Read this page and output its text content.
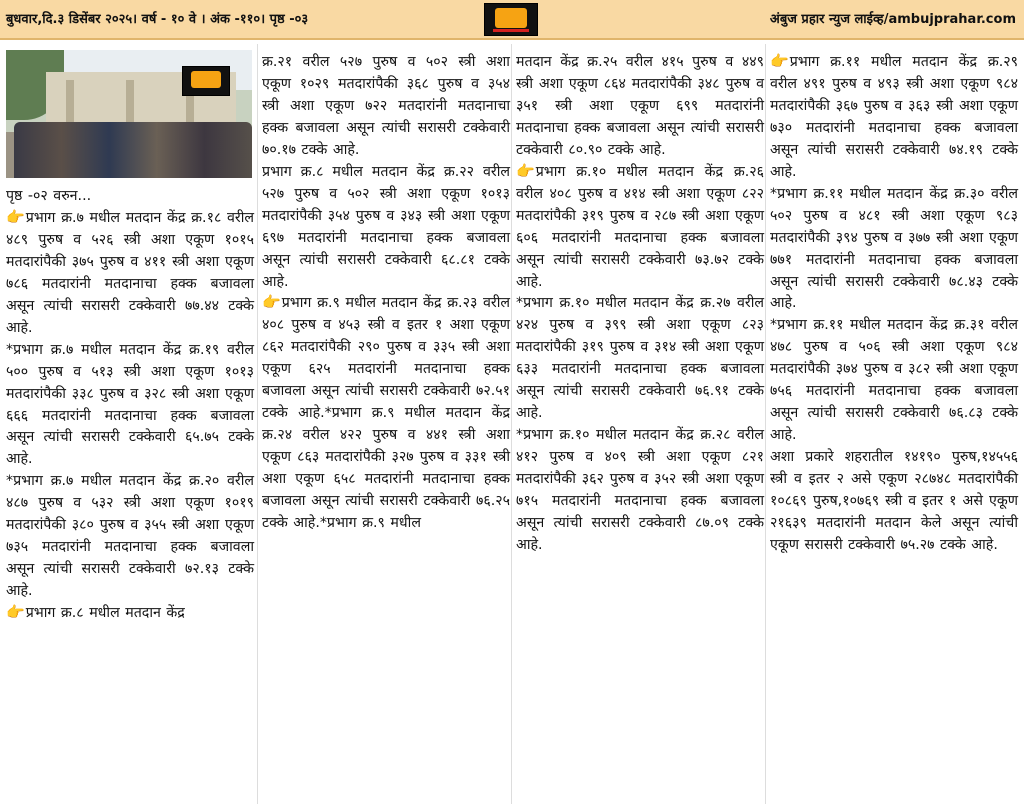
बुधवार,दि.३ डिसेंबर २०२५। वर्ष - १० वे । अंक -११०। पृष्ठ -०३	अंबुज प्रहार न्युज लाईव्ह/ambujprahar.com

पृष्ठ -०२ वरुन...

👉प्रभाग क्र.७ मधील मतदान केंद्र क्र.१८ वरील ४८९ पुरुष व ५२६ स्त्री अशा एकूण १०१५ मतदारांपैकी ३७५ पुरुष व ४११ स्त्री अशा एकूण ७८६ मतदारांनी मतदानाचा हक्क बजावला असून त्यांची सरासरी टक्केवारी ७७.४४ टक्के आहे.

*प्रभाग क्र.७ मधील मतदान केंद्र क्र.१९ वरील ५०० पुरुष व ५१३ स्त्री अशा एकूण १०१३ मतदारांपैकी ३३८ पुरुष व ३२८ स्त्री अशा एकूण ६६६ मतदारांनी मतदानाचा हक्क बजावला असून त्यांची सरासरी टक्केवारी ६५.७५ टक्के आहे.

*प्रभाग क्र.७ मधील मतदान केंद्र क्र.२० वरील ४८७ पुरुष व ५३२ स्त्री अशा एकूण १०१९ मतदारांपैकी ३८० पुरुष व ३५५ स्त्री अशा एकूण ७३५ मतदारांनी मतदानाचा हक्क बजावला असून त्यांची सरासरी टक्केवारी ७२.१३ टक्के आहे.

👉प्रभाग क्र.८ मधील मतदान केंद्र

क्र.२१ वरील ५२७ पुरुष व ५०२ स्त्री अशा एकूण १०२९ मतदारांपैकी ३६८ पुरुष व ३५४ स्त्री अशा एकूण ७२२ मतदारांनी मतदानाचा हक्क बजावला असून त्यांची सरासरी टक्केवारी ७०.१७ टक्के आहे.

प्रभाग क्र.८ मधील मतदान केंद्र क्र.२२ वरील ५२७ पुरुष व ५०२ स्त्री अशा एकूण १०१३ मतदारांपैकी ३५४ पुरुष व ३४३ स्त्री अशा एकूण ६९७ मतदारांनी मतदानाचा हक्क बजावला असून त्यांची सरासरी टक्केवारी ६८.८१ टक्के आहे.

👉प्रभाग क्र.९ मधील मतदान केंद्र क्र.२३ वरील ४०८ पुरुष व ४५३ स्त्री व इतर १ अशा एकूण ८६२ मतदारांपैकी २९० पुरुष व ३३५ स्त्री अशा एकूण ६२५ मतदारांनी मतदानाचा हक्क बजावला असून त्यांची सरासरी टक्केवारी ७२.५१ टक्के आहे.*प्रभाग क्र.९ मधील मतदान केंद्र क्र.२४ वरील ४२२ पुरुष व ४४१ स्त्री अशा एकूण ८६३ मतदारांपैकी ३२७ पुरुष व ३३१ स्त्री अशा एकूण ६५८ मतदारांनी मतदानाचा हक्क बजावला असून त्यांची सरासरी टक्केवारी ७६.२५ टक्के आहे.*प्रभाग क्र.९ मधील

मतदान केंद्र क्र.२५ वरील ४१५ पुरुष व ४४९ स्त्री अशा एकूण ८६४ मतदारांपैकी ३४८ पुरुष व ३५१ स्त्री अशा एकूण ६९९ मतदारांनी मतदानाचा हक्क बजावला असून त्यांची सरासरी टक्केवारी ८०.९० टक्के आहे.

👉प्रभाग क्र.१० मधील मतदान केंद्र क्र.२६ वरील ४०८ पुरुष व ४१४ स्त्री अशा एकूण ८२२ मतदारांपैकी ३१९ पुरुष व २८७ स्त्री अशा एकूण ६०६ मतदारांनी मतदानाचा हक्क बजावला असून त्यांची सरासरी टक्केवारी ७३.७२ टक्के आहे.

*प्रभाग क्र.१० मधील मतदान केंद्र क्र.२७ वरील ४२४ पुरुष व ३९९ स्त्री अशा एकूण ८२३ मतदारांपैकी ३१९ पुरुष व ३१४ स्त्री अशा एकूण ६३३ मतदारांनी मतदानाचा हक्क बजावला असून त्यांची सरासरी टक्केवारी ७६.९१ टक्के आहे.

*प्रभाग क्र.१० मधील मतदान केंद्र क्र.२८ वरील ४१२ पुरुष व ४०९ स्त्री अशा एकूण ८२१ मतदारांपैकी ३६२ पुरुष व ३५२ स्त्री अशा एकूण ७१५ मतदारांनी मतदानाचा हक्क बजावला असून त्यांची सरासरी टक्केवारी ८७.०९ टक्के आहे.

👉प्रभाग क्र.११ मधील मतदान केंद्र क्र.२९ वरील ४९१ पुरुष व ४९३ स्त्री अशा एकूण ९८४ मतदारांपैकी ३६७ पुरुष व ३६३ स्त्री अशा एकूण ७३० मतदारांनी मतदानाचा हक्क बजावला असून त्यांची सरासरी टक्केवारी ७४.१९ टक्के आहे.

*प्रभाग क्र.११ मधील मतदान केंद्र क्र.३० वरील ५०२ पुरुष व ४८१ स्त्री अशा एकूण ९८३ मतदारांपैकी ३९४ पुरुष व ३७७ स्त्री अशा एकूण ७७१ मतदारांनी मतदानाचा हक्क बजावला असून त्यांची सरासरी टक्केवारी ७८.४३ टक्के आहे.

*प्रभाग क्र.११ मधील मतदान केंद्र क्र.३१ वरील ४७८ पुरुष व ५०६ स्त्री अशा एकूण ९८४ मतदारांपैकी ३७४ पुरुष व ३८२ स्त्री अशा एकूण ७५६ मतदारांनी मतदानाचा हक्क बजावला असून त्यांची सरासरी टक्केवारी ७६.८३ टक्के आहे.

अशा प्रकारे शहरातील १४१९० पुरुष,१४५५६ स्त्री व इतर २ असे एकूण २८७४८ मतदारांपैकी १०८६९ पुरुष,१०७६९ स्त्री व इतर १ असे एकूण २१६३९ मतदारांनी मतदान केले असून त्यांची एकूण सरासरी टक्केवारी ७५.२७ टक्के आहे.
